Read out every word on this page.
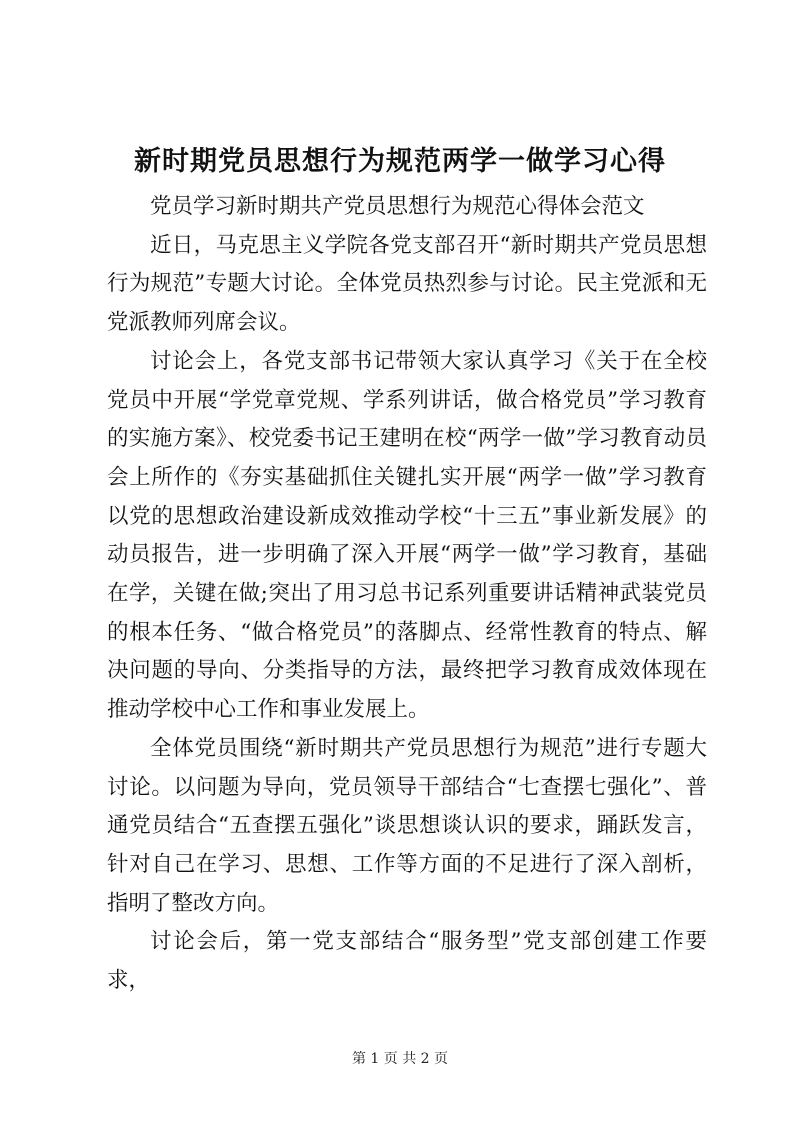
新时期党员思想行为规范两学一做学习心得

党员学习新时期共产党员思想行为规范心得体会范文

近日，马克思主义学院各党支部召开“新时期共产党员思想行为规范”专题大讨论。全体党员热烈参与讨论。民主党派和无党派教师列席会议。

讨论会上，各党支部书记带领大家认真学习《关于在全校党员中开展“学党章党规、学系列讲话，做合格党员”学习教育的实施方案》、校党委书记王建明在校“两学一做”学习教育动员会上所作的《夯实基础抓住关键扎实开展“两学一做”学习教育以党的思想政治建设新成效推动学校“十三五”事业新发展》的动员报告，进一步明确了深入开展“两学一做”学习教育，基础在学，关键在做;突出了用习总书记系列重要讲话精神武装党员的根本任务、“做合格党员”的落脚点、经常性教育的特点、解决问题的导向、分类指导的方法，最终把学习教育成效体现在推动学校中心工作和事业发展上。

全体党员围绕“新时期共产党员思想行为规范”进行专题大讨论。以问题为导向，党员领导干部结合“七查摆七强化”、普通党员结合“五查摆五强化”谈思想谈认识的要求，踊跃发言，针对自己在学习、思想、工作等方面的不足进行了深入剖析，指明了整改方向。

讨论会后，第一党支部结合“服务型”党支部创建工作要求，

第 1 页 共 2 页
